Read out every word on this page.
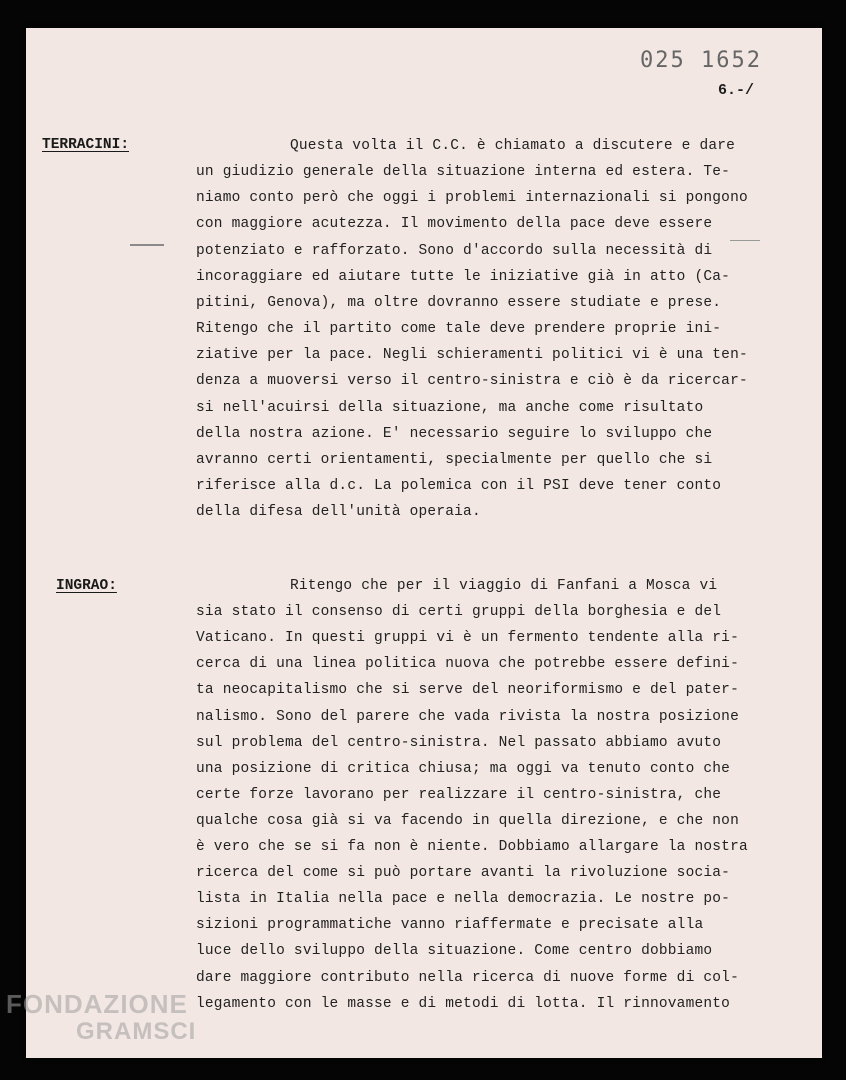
025 1652
6.-/
TERRACINI:	Questa volta il C.C. è chiamato a discutere e dare
un giudizio generale della situazione interna ed estera. Te-
niamo conto però che oggi i problemi internazionali si pongono
con maggiore acutezza. Il movimento della pace deve essere
potenziato e rafforzato. Sono d'accordo sulla necessità di
incoraggiare ed aiutare tutte le iniziative già in atto (Ca-
pitini, Genova), ma oltre dovranno essere studiate e prese.
Ritengo che il partito come tale deve prendere proprie ini-
ziative per la pace. Negli schieramenti politici vi è una ten-
denza a muoversi verso il centro-sinistra e ciò è da ricercar-
si nell'acuirsi della situazione, ma anche come risultato
della nostra azione. E' necessario seguire lo sviluppo che
avranno certi orientamenti, specialmente per quello che si
riferisce alla d.c. La polemica con il PSI deve tener conto
della difesa dell'unità operaia.
INGRAO:	Ritengo che per il viaggio di Fanfani a Mosca vi
sia stato il consenso di certi gruppi della borghesia e del
Vaticano. In questi gruppi vi è un fermento tendente alla ri-
cerca di una linea politica nuova che potrebbe essere defini-
ta neocapitalismo che si serve del neoriformismo e del pater-
nalismo. Sono del parere che vada rivista la nostra posizione
sul problema del centro-sinistra. Nel passato abbiamo avuto
una posizione di critica chiusa; ma oggi va tenuto conto che
certe forze lavorano per realizzare il centro-sinistra, che
qualche cosa già si va facendo in quella direzione, e che non
è vero che se si fa non è niente. Dobbiamo allargare la nostra
ricerca del come si può portare avanti la rivoluzione socia-
lista in Italia nella pace e nella democrazia. Le nostre po-
sizioni programmatiche vanno riaffermate e precisate alla
luce dello sviluppo della situazione. Come centro dobbiamo
dare maggiore contributo nella ricerca di nuove forme di col-
legamento con le masse e di metodi di lotta. Il rinnovamento
FONDAZIONE
GRAMSCI
